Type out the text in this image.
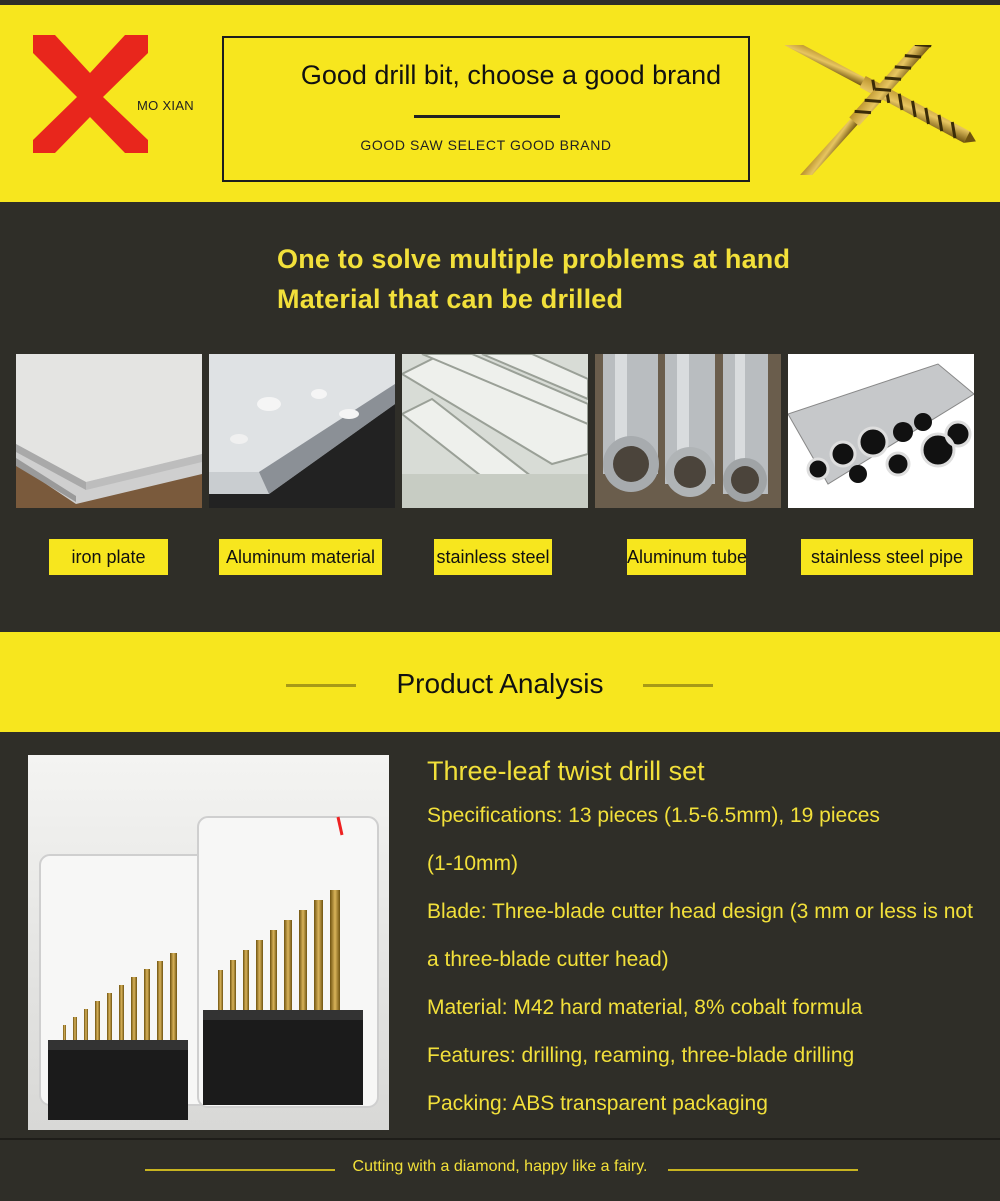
MO XIAN
Good drill bit, choose a good brand
GOOD SAW SELECT GOOD BRAND
One to solve multiple problems at hand
Material that can be drilled
iron plate	Aluminum material	stainless steel	Aluminum tube	stainless steel pipe
Product Analysis
Three-leaf twist drill set
Specifications: 13 pieces (1.5-6.5mm), 19 pieces
(1-10mm)
Blade: Three-blade cutter head design (3 mm or less is not
a three-blade cutter head)
Material: M42 hard material, 8% cobalt formula
Features: drilling, reaming, three-blade drilling
Packing: ABS transparent packaging
Cutting with a diamond, happy like a fairy.
